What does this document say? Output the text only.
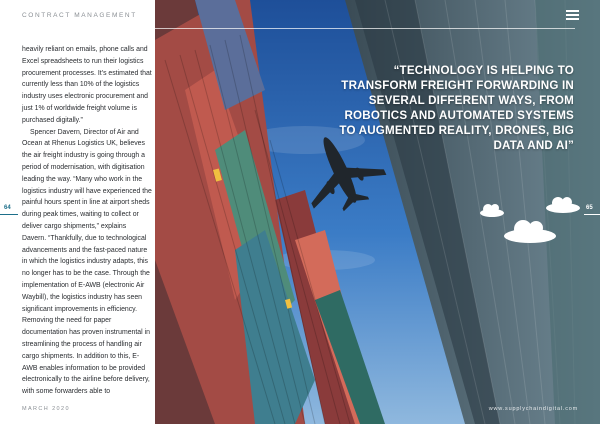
CONTRACT MANAGEMENT

heavily reliant on emails, phone calls and Excel spreadsheets to run their logistics procurement processes. It’s estimated that currently less than 10% of the logistics industry uses electronic procurement and just 1% of worldwide freight volume is purchased digitally.”

Spencer Davern, Director of Air and Ocean at Rhenus Logistics UK, believes the air freight industry is going through a period of modernisation, with digitisation leading the way. “Many who work in the logistics industry will have experienced the painful hours spent in line at airport sheds during peak times, waiting to collect or deliver cargo shipments,” explains Davern. “Thankfully, due to technological advancements and the fast-paced nature in which the logistics industry adapts, this no longer has to be the case. Through the implementation of E-AWB (electronic Air Waybill), the logistics industry has seen significant improvements in efficiency. Removing the need for paper documentation has proven instrumental in streamlining the process of handling air cargo shipments. In addition to this, E-AWB enables information to be provided electronically to the airline before delivery, with some forwarders able to

64
MARCH 2020
“TECHNOLOGY IS HELPING TO TRANSFORM FREIGHT FORWARDING IN SEVERAL DIFFERENT WAYS, FROM ROBOTICS AND AUTOMATED SYSTEMS TO AUGMENTED REALITY, DRONES, BIG DATA AND AI”
65
www.supplychaindigital.com
